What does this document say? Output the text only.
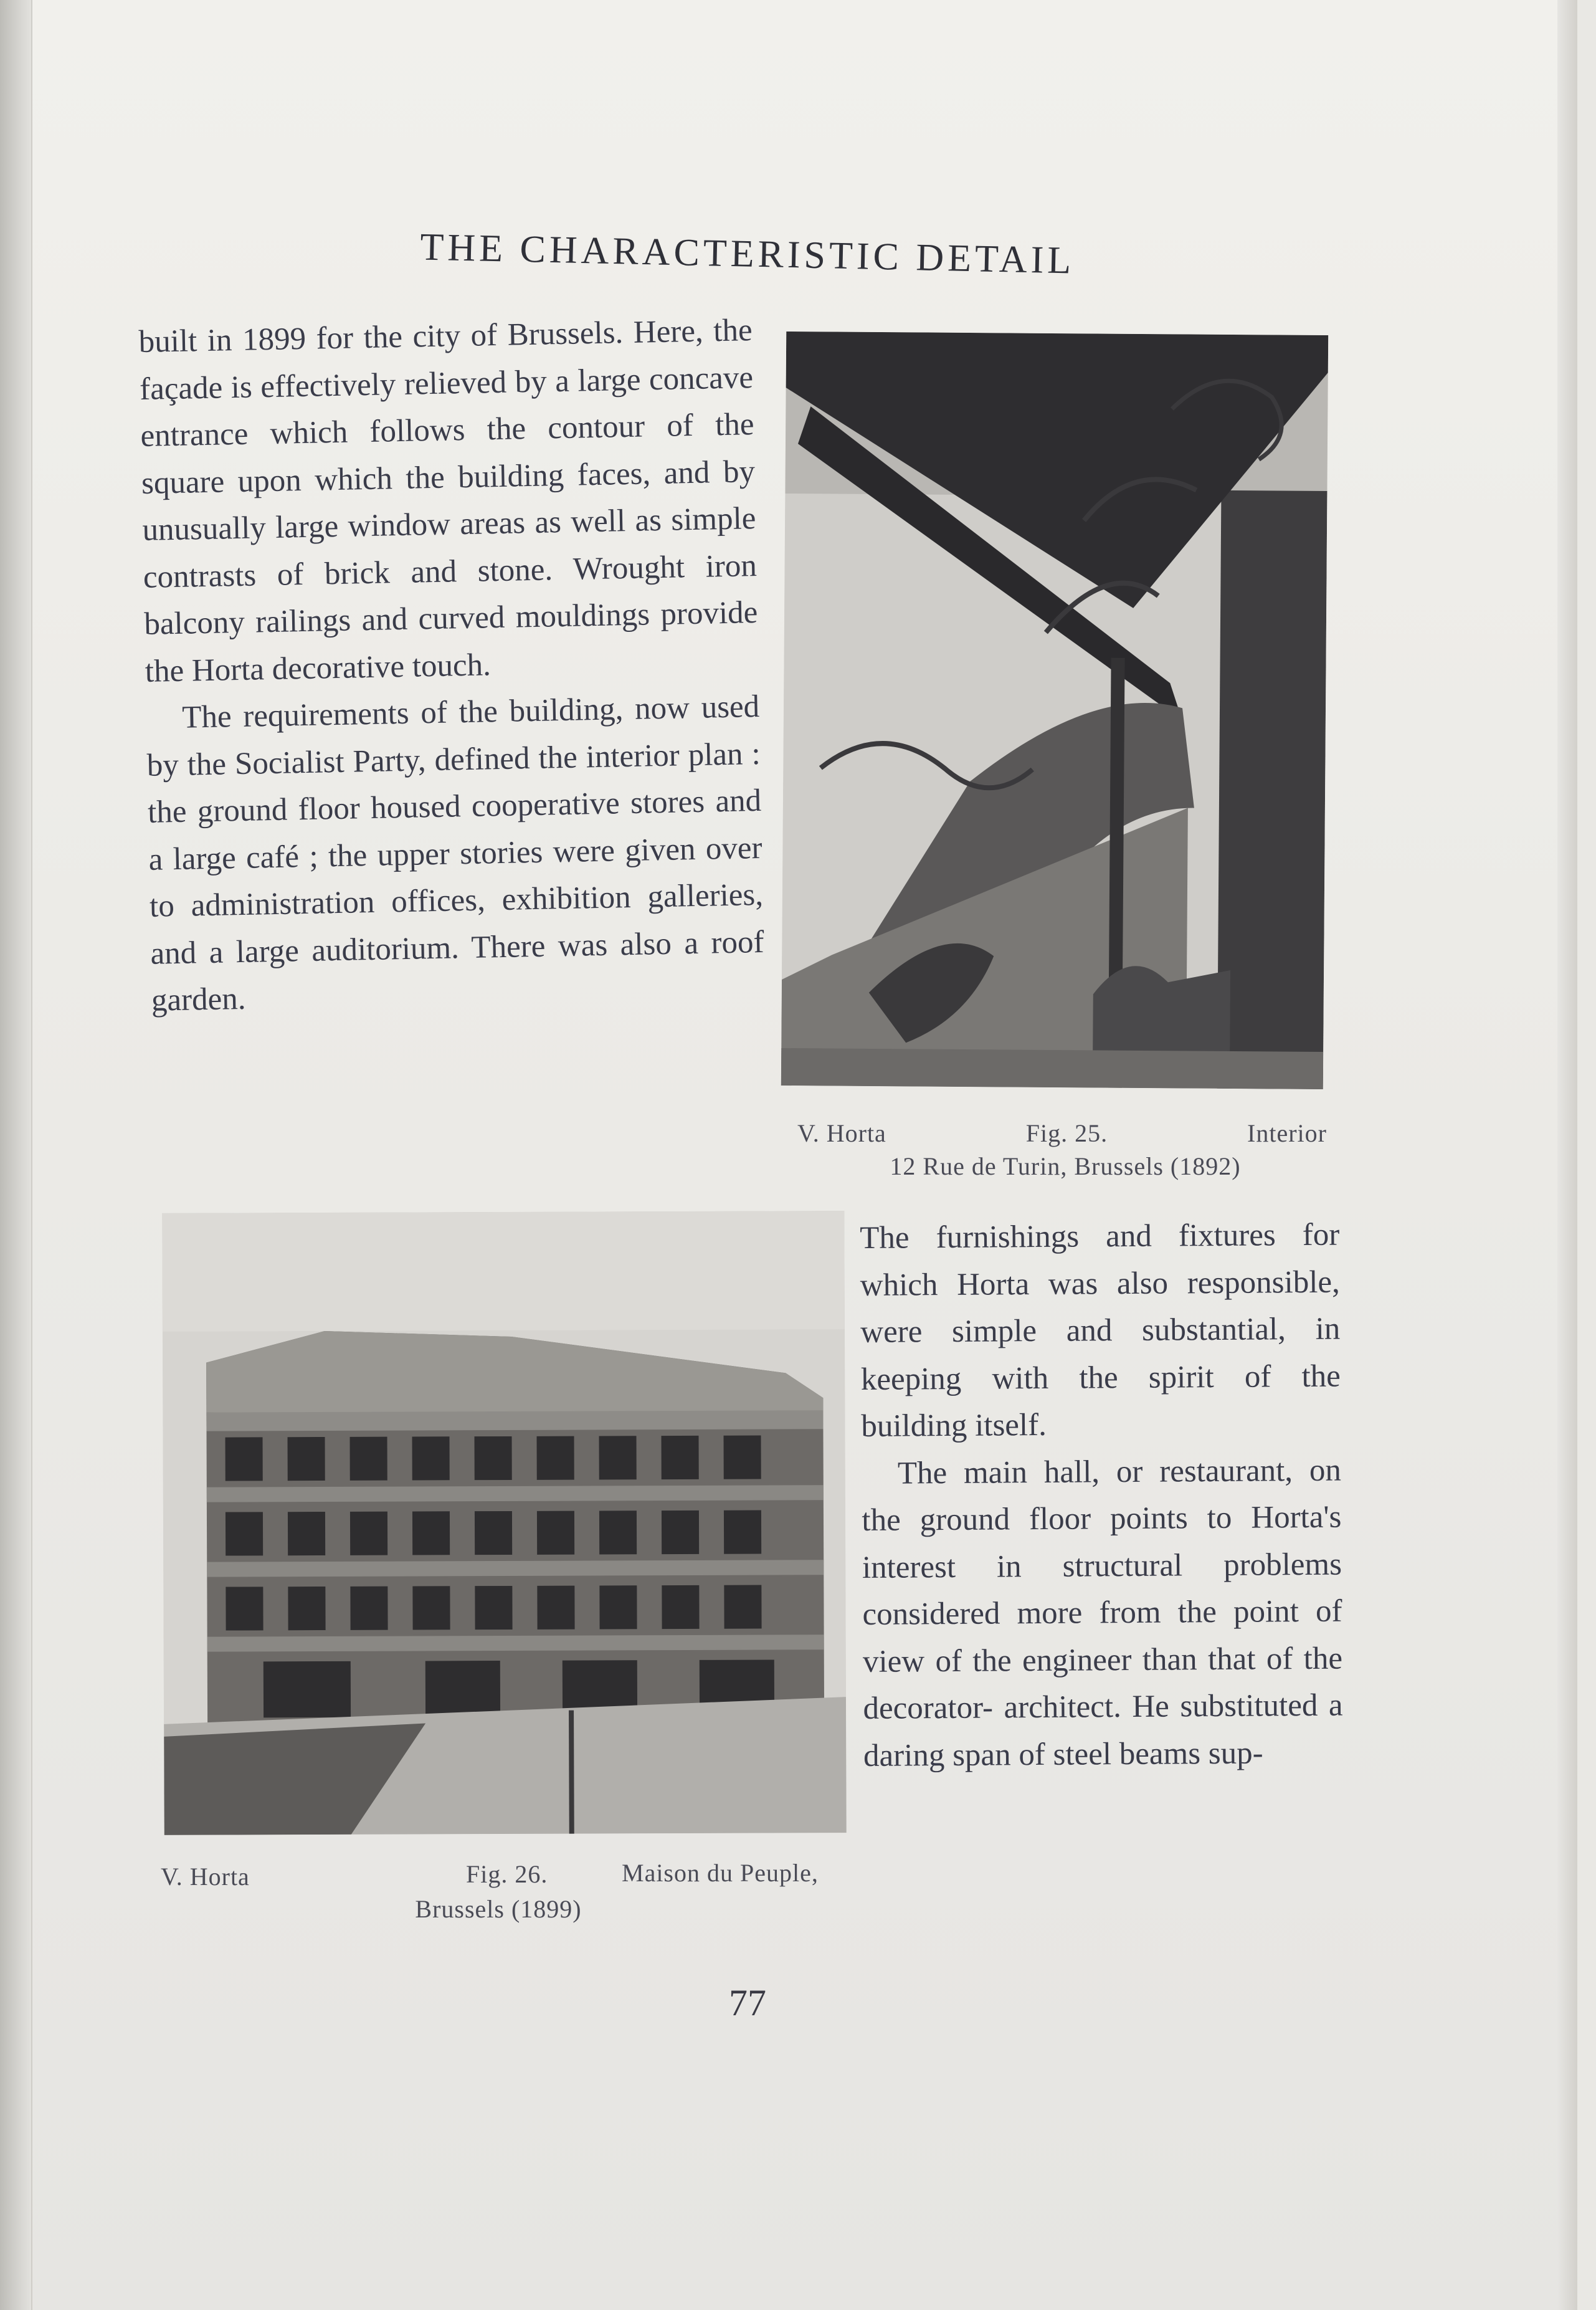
THE CHARACTERISTIC DETAIL

built in 1899 for the city of Brussels. Here, the façade is effectively relieved by a large concave entrance which follows the contour of the square upon which the building faces, and by unusually large window areas as well as simple contrasts of brick and stone. Wrought iron balcony railings and curved mouldings provide the Horta decorative touch.

The requirements of the building, now used by the Socialist Party, defined the interior plan : the ground floor housed cooperative stores and a large café ; the upper stories were given over to administration offices, exhibition galleries, and a large auditorium. There was also a roof garden.

V. Horta	Fig. 25.	Interior
12 Rue de Turin, Brussels (1892)
V. Horta	Fig. 26.	Maison du Peuple,
Brussels (1899)

The furnishings and fixtures for which Horta was also responsible, were simple and substantial, in keeping with the spirit of the building itself.

The main hall, or restaurant, on the ground floor points to Horta's interest in structural problems considered more from the point of view of the engineer than that of the decorator- architect. He substituted a daring span of steel beams sup-

77
